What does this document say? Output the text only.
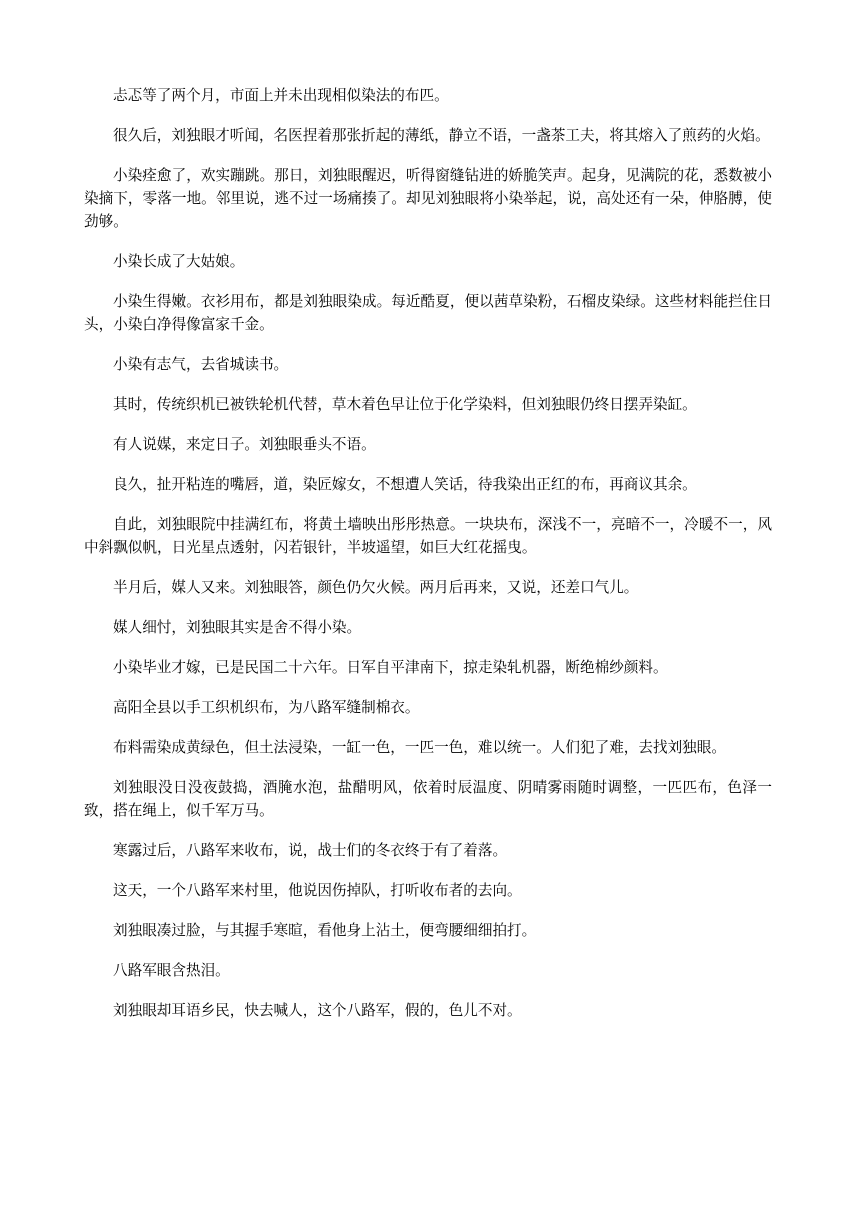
忐忑等了两个月，市面上并未出现相似染法的布匹。

很久后，刘独眼才听闻，名医捏着那张折起的薄纸，静立不语，一盏茶工夫，将其熔入了煎药的火焰。

小染痊愈了，欢实蹦跳。那日，刘独眼醒迟，听得窗缝钻进的娇脆笑声。起身，见满院的花，悉数被小染摘下，零落一地。邻里说，逃不过一场痛揍了。却见刘独眼将小染举起，说，高处还有一朵，伸胳膊，使劲够。

小染长成了大姑娘。

小染生得嫩。衣衫用布，都是刘独眼染成。每近酷夏，便以茜草染粉，石榴皮染绿。这些材料能拦住日头，小染白净得像富家千金。

小染有志气，去省城读书。

其时，传统织机已被铁轮机代替，草木着色早让位于化学染料，但刘独眼仍终日摆弄染缸。

有人说媒，来定日子。刘独眼垂头不语。

良久，扯开粘连的嘴唇，道，染匠嫁女，不想遭人笑话，待我染出正红的布，再商议其余。

自此，刘独眼院中挂满红布，将黄土墙映出彤彤热意。一块块布，深浅不一，亮暗不一，冷暖不一，风中斜飘似帆，日光星点透射，闪若银针，半坡遥望，如巨大红花摇曳。

半月后，媒人又来。刘独眼答，颜色仍欠火候。两月后再来，又说，还差口气儿。

媒人细忖，刘独眼其实是舍不得小染。

小染毕业才嫁，已是民国二十六年。日军自平津南下，掠走染轧机器，断绝棉纱颜料。

高阳全县以手工织机织布，为八路军缝制棉衣。

布料需染成黄绿色，但土法浸染，一缸一色，一匹一色，难以统一。人们犯了难，去找刘独眼。

刘独眼没日没夜鼓捣，酒腌水泡，盐醋明风，依着时辰温度、阴晴雾雨随时调整，一匹匹布，色泽一致，搭在绳上，似千军万马。

寒露过后，八路军来收布，说，战士们的冬衣终于有了着落。

这天，一个八路军来村里，他说因伤掉队，打听收布者的去向。

刘独眼凑过脸，与其握手寒暄，看他身上沾土，便弯腰细细拍打。

八路军眼含热泪。

刘独眼却耳语乡民，快去喊人，这个八路军，假的，色儿不对。
